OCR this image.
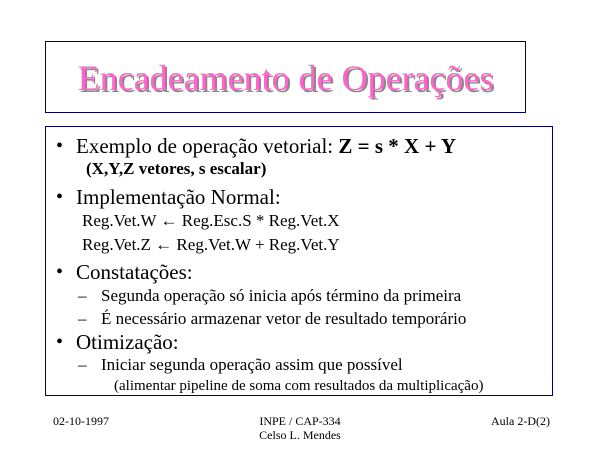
Encadeamento de Operações
• Exemplo de operação vetorial: Z = s * X + Y
(X,Y,Z vetores, s escalar)
• Implementação Normal:
Reg.Vet.W ← Reg.Esc.S * Reg.Vet.X
Reg.Vet.Z ← Reg.Vet.W + Reg.Vet.Y
• Constatações:
– Segunda operação só inicia após término da primeira
– É necessário armazenar vetor de resultado temporário
• Otimização:
– Iniciar segunda operação assim que possível
(alimentar pipeline de soma com resultados da multiplicação)
02-10-1997	INPE / CAP-334
Celso L. Mendes
Aula 2-D(2)
